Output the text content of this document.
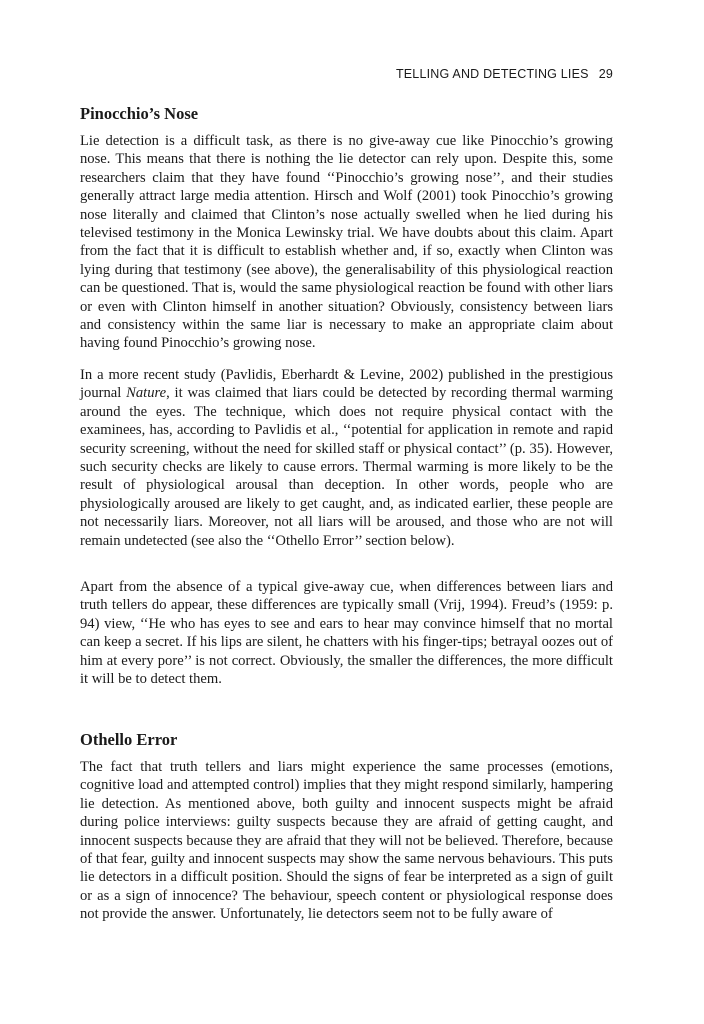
TELLING AND DETECTING LIES 29
Pinocchio’s Nose

Lie detection is a difficult task, as there is no give-away cue like Pinocchio’s growing nose. This means that there is nothing the lie detector can rely upon. Despite this, some researchers claim that they have found ‘‘Pinocchio’s growing nose’’, and their studies generally attract large media attention. Hirsch and Wolf (2001) took Pinocchio’s growing nose literally and claimed that Clinton’s nose actually swelled when he lied during his televised testimony in the Monica Lewinsky trial. We have doubts about this claim. Apart from the fact that it is difficult to establish whether and, if so, exactly when Clinton was lying during that testimony (see above), the generalisability of this physiological reaction can be questioned. That is, would the same physiological reaction be found with other liars or even with Clinton himself in another situation? Obviously, consistency between liars and consistency within the same liar is necessary to make an appropriate claim about having found Pinocchio’s growing nose.

In a more recent study (Pavlidis, Eberhardt & Levine, 2002) published in the prestigious journal Nature, it was claimed that liars could be detected by recording thermal warming around the eyes. The technique, which does not require physical contact with the examinees, has, according to Pavlidis et al., ‘‘potential for application in remote and rapid security screening, without the need for skilled staff or physical contact’’ (p. 35). However, such security checks are likely to cause errors. Thermal warming is more likely to be the result of physiological arousal than deception. In other words, people who are physiologically aroused are likely to get caught, and, as indicated earlier, these people are not necessarily liars. Moreover, not all liars will be aroused, and those who are not will remain undetected (see also the ‘‘Othello Error’’ section below).

Apart from the absence of a typical give-away cue, when differences between liars and truth tellers do appear, these differences are typically small (Vrij, 1994). Freud’s (1959: p. 94) view, ‘‘He who has eyes to see and ears to hear may convince himself that no mortal can keep a secret. If his lips are silent, he chatters with his finger-tips; betrayal oozes out of him at every pore’’ is not correct. Obviously, the smaller the differences, the more difficult it will be to detect them.

Othello Error

The fact that truth tellers and liars might experience the same processes (emotions, cognitive load and attempted control) implies that they might respond similarly, hampering lie detection. As mentioned above, both guilty and innocent suspects might be afraid during police interviews: guilty suspects because they are afraid of getting caught, and innocent suspects because they are afraid that they will not be believed. Therefore, because of that fear, guilty and innocent suspects may show the same nervous behaviours. This puts lie detectors in a difficult position. Should the signs of fear be interpreted as a sign of guilt or as a sign of innocence? The behaviour, speech content or physiological response does not provide the answer. Unfortunately, lie detectors seem not to be fully aware of
